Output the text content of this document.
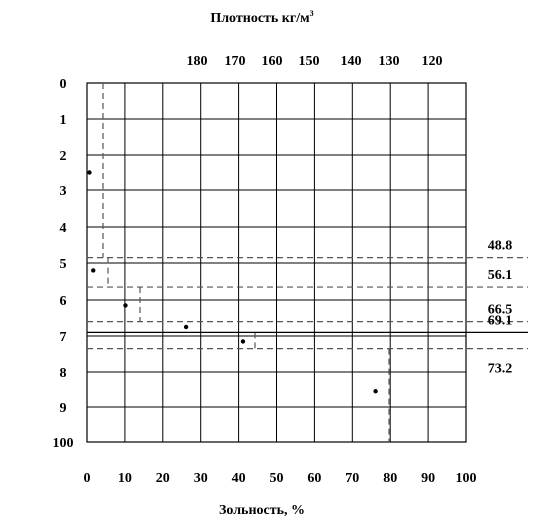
Плотность $кг/м^3$
48.8
56.1
66.5
69.1
73.2
0 10 20 30 40 50 60 70 80 90 100
0
1
2
3
4
5
6
7
8
9
100
180 170 160 150 140 130 120
Зольность, %
